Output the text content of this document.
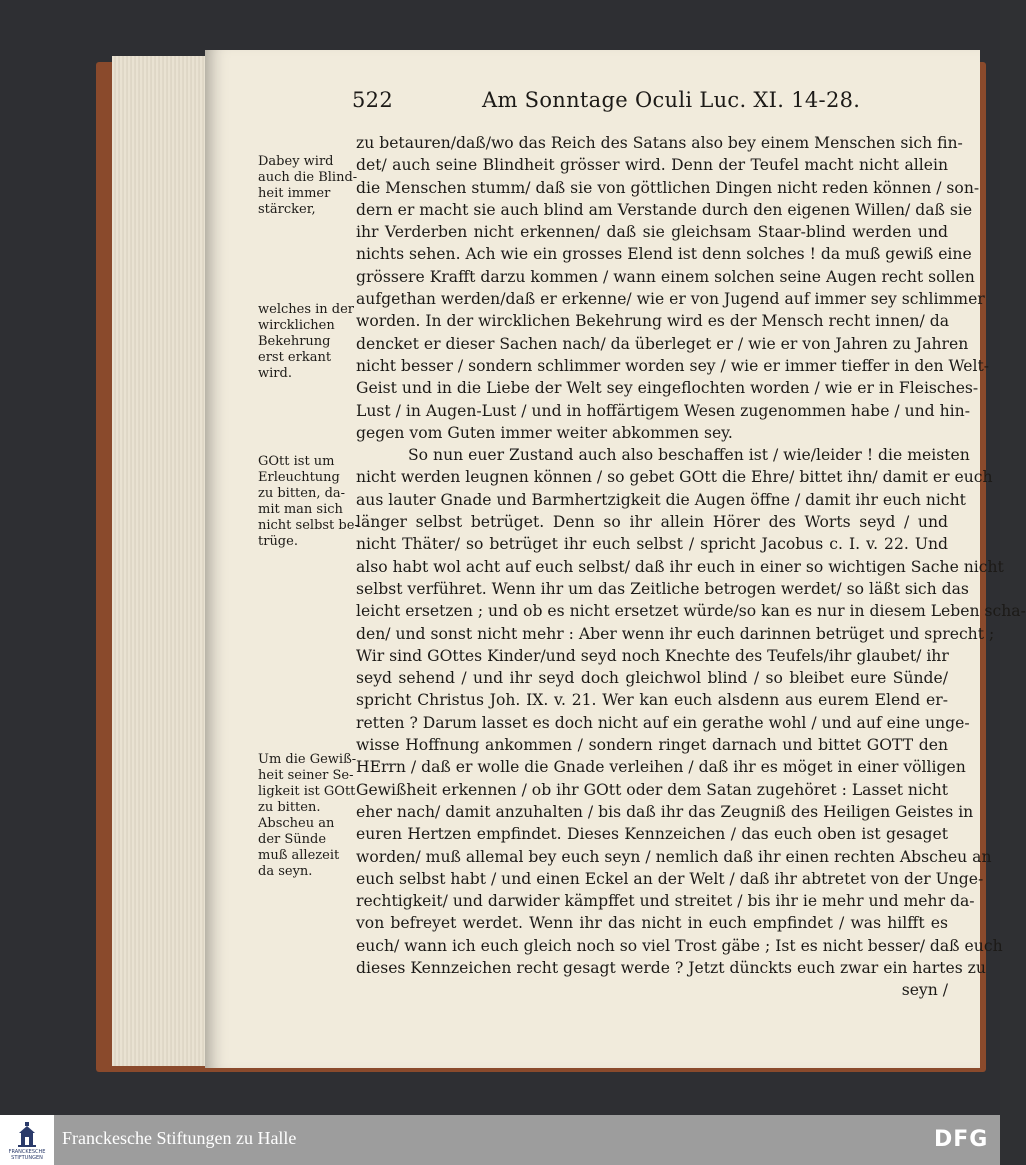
522	Am Sonntage Oculi Luc. XI. 14-28.
Dabey wird
auch die Blind-
heit immer
stärcker,
welches in der
wircklichen
Bekehrung
erst erkant
wird.
GOtt ist um
Erleuchtung
zu bitten, da-
mit man sich
nicht selbst be-
trüge.
Um die Gewiß-
heit seiner Se-
ligkeit ist GOtt
zu bitten.
Abscheu an
der Sünde
muß allezeit
da seyn.
zu betauren/daß/wo das Reich des Satans also bey einem Menschen sich fin-
det/ auch seine Blindheit grösser wird. Denn der Teufel macht nicht allein
die Menschen stumm/ daß sie von göttlichen Dingen nicht reden können / son-
dern er macht sie auch blind am Verstande durch den eigenen Willen/ daß sie
ihr Verderben nicht erkennen/ daß sie gleichsam Staar-blind werden und
nichts sehen. Ach wie ein grosses Elend ist denn solches ! da muß gewiß eine
grössere Krafft darzu kommen / wann einem solchen seine Augen recht sollen
aufgethan werden/daß er erkenne/ wie er von Jugend auf immer sey schlimmer
worden. In der wircklichen Bekehrung wird es der Mensch recht innen/ da
dencket er dieser Sachen nach/ da überleget er / wie er von Jahren zu Jahren
nicht besser / sondern schlimmer worden sey / wie er immer tieffer in den Welt-
Geist und in die Liebe der Welt sey eingeflochten worden / wie er in Fleisches-
Lust / in Augen-Lust / und in hoffärtigem Wesen zugenommen habe / und hin-
gegen vom Guten immer weiter abkommen sey.
So nun euer Zustand auch also beschaffen ist / wie/leider ! die meisten
nicht werden leugnen können / so gebet GOtt die Ehre/ bittet ihn/ damit er euch
aus lauter Gnade und Barmhertzigkeit die Augen öffne / damit ihr euch nicht
länger selbst betrüget. Denn so ihr allein Hörer des Worts seyd / und
nicht Thäter/ so betrüget ihr euch selbst / spricht Jacobus c. I. v. 22. Und
also habt wol acht auf euch selbst/ daß ihr euch in einer so wichtigen Sache nicht
selbst verführet. Wenn ihr um das Zeitliche betrogen werdet/ so läßt sich das
leicht ersetzen ; und ob es nicht ersetzet würde/so kan es nur in diesem Leben scha-
den/ und sonst nicht mehr : Aber wenn ihr euch darinnen betrüget und sprecht ;
Wir sind GOttes Kinder/und seyd noch Knechte des Teufels/ihr glaubet/ ihr
seyd sehend / und ihr seyd doch gleichwol blind / so bleibet eure Sünde/
spricht Christus Joh. IX. v. 21. Wer kan euch alsdenn aus eurem Elend er-
retten ? Darum lasset es doch nicht auf ein gerathe wohl / und auf eine unge-
wisse Hoffnung ankommen / sondern ringet darnach und bittet GOTT den
HErrn / daß er wolle die Gnade verleihen / daß ihr es möget in einer völligen
Gewißheit erkennen / ob ihr GOtt oder dem Satan zugehöret : Lasset nicht
eher nach/ damit anzuhalten / bis daß ihr das Zeugniß des Heiligen Geistes in
euren Hertzen empfindet. Dieses Kennzeichen / das euch oben ist gesaget
worden/ muß allemal bey euch seyn / nemlich daß ihr einen rechten Abscheu an
euch selbst habt / und einen Eckel an der Welt / daß ihr abtretet von der Unge-
rechtigkeit/ und darwider kämpffet und streitet / bis ihr ie mehr und mehr da-
von befreyet werdet. Wenn ihr das nicht in euch empfindet / was hilfft es
euch/ wann ich euch gleich noch so viel Trost gäbe ; Ist es nicht besser/ daß euch
dieses Kennzeichen recht gesagt werde ? Jetzt dünckts euch zwar ein hartes zu
seyn /
FRANCKESCHE
STIFTUNGEN
Franckesche Stiftungen zu Halle	DFG
